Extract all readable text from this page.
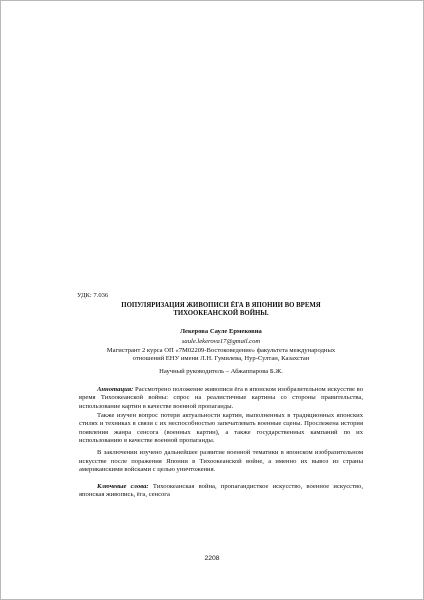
УДК: 7.036
ПОПУЛЯРИЗАЦИЯ ЖИВОПИСИ ЁГА В ЯПОНИИ ВО ВРЕМЯ
ТИХООКЕАНСКОЙ ВОЙНЫ.
Лекерова Сауле Ермековна
saule.lekerova17@gmail.com
Магистрант 2 курса ОП «7М02209-Востоковедение» факультета международных
отношений ЕНУ имени Л.Н. Гумилева, Нур-Султан, Казахстан
Научный руководитель – Абжаппарова Б.Ж.
Аннотация: Рассмотрено положение живописи ёга в японском изобразительном искусстве во время Тихоокеанской войны: спрос на реалистичные картины со стороны правительства, использование картин в качестве военной пропаганды.
Также изучен вопрос потери актуальности картин, выполненных в традиционных японских стилях и техниках в связи с их неспособностью запечатлевать военные сцены. Прослежена история появления жанра сенсога (военных картин), а также государственных кампаний по их использованию в качестве военной пропаганды.
В заключении изучено дальнейшее развитие военной тематики в японском изобразительном искусстве после поражения Японии в Тихоокеанской войне, а именно их вывоз из страны американскими войсками с целью уничтожения.
Ключевые слова: Тихоокеанская война, пропагандисткое искусство, военное искусство, японская живопись, ёга, сенсога
2208
